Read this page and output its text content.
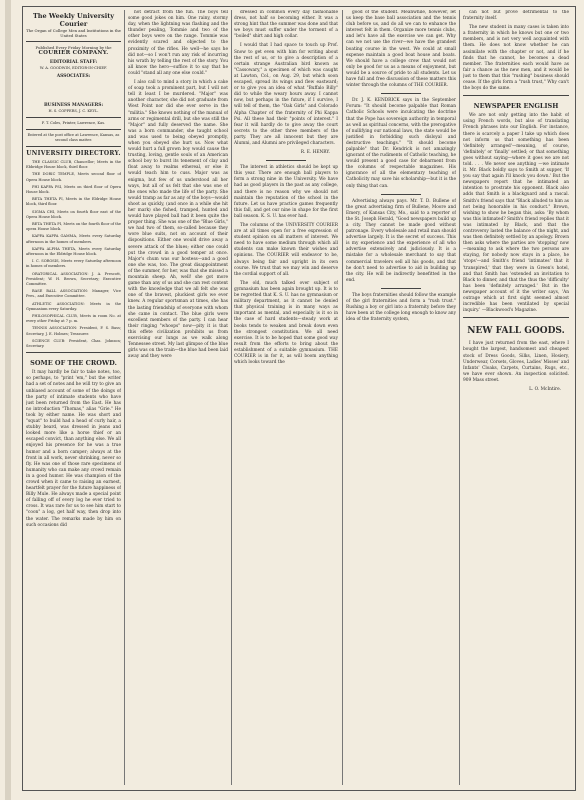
The Weekly University Courier
The Organ of College Men and Institutions in the United States
Published Every Friday Morning by the
COURIER COMPANY.
EDITORIAL STAFF:
W. A. GOODWIN, EDITOR-IN-CHIEF.
ASSOCIATES:
BUSINESS MANAGERS:
H. S. COPPERS, J. C. KEYL.
F. T. Coles, Printer, Lawrence, Kas.
Entered at the post office at Lawrence, Kansas, as second class matter.
UNIVERSITY DIRECTORY.
THE CLASSIC CLUB, Chancellor; Meets in the Ebbridge House block, third floor.
THE DORIC TEMPLE, Meets second floor of Opera House block.
PHI KAPPA PSI, Meets on third floor of Opera House block.
BETA THETA PI, Meets in the Eldridge House block, third floor.
SIGMA CHI, Meets on fourth floor east of the Opera House block.
BETA THETA PI, Meets on the fourth floor of the opera House block.
KAPPA KAPPA GAMMA, Meets every Saturday afternoon in the homes of members.
KAPPA ALPHA THETA, Meets every Saturday afternoon in the Eldridge House block.
I. C. SOROSIS, Meets every Saturday afternoon in homes of members.
ORATORICAL ASSOCIATION: J. A. Prescott, President; W. H. Brown, Secretary; Executive Committee.
BASE BALL ASSOCIATION: Manager, Vice Pres., and Executive Committee.
ATHLETIC ASSOCIATION: Meets in the Gymnasium every Saturday.
PHILOSOPHICAL CLUB, Meets in room No. at every other Friday at 7 p. m.
TENNIS ASSOCIATION: President, F. S. Bass; Secretary, J. E. Holmes; Treasurer.
SCIENCE CLUB: President, Chas. Johnson; Secretary.
SOME OF THE CROWD.

It may hardly be fair to take notes, too, so perhaps, to "print 'em," but the writer had a set of notes and he will try to give an unbiased account of some of the doings of the party of intimate students who have just been returned from the East. He has no introduction "Thomas," alias "Grie." He took by either name. He was short and "squat" to build had a head of curly hair, a stubby beard, was dressed in jeans and looked more like a horse thief or an escaped convict, than anything else. We all enjoyed his presence for he was a true humor and a born camper; always at the front in all work, never shrinking, never so fly. He was one of those rare specimens of humanity who can make any crowd remain in a good humor. He was champion of the crowd when it came to raising an earnest, heartfelt prayer for the future happiness of Billy Mule. He always made a special point of falling off of every log he ever tried to cross. It was rare for us to see him start to "coon" a log, get half way, then drop into the water. The remarks made by him on such occasions did

not detract from the fun. The boys tell some good jokes on him. One rainy, stormy day, when the lightning was flashing and the thunder pealing, Tommie and two of the other boys were on the range. Tommie was evidently scared and objected to the proximity of the rifles. He well—he says he did not—so I won't run any risk of incurring his wrath by telling the rest of the story. You all know the hero—suffice it to say that he could "stand all any one else could."

I also call to mind a story in which a cake of soap took a prominent part, but I will not tell it least I be murdered. "Major" was another character, she did not graduate from West Point nor did she ever serve in the "militia." She knows nothing of the manual of arms or regimental drill, but she was still the "Major" and fully deserved the name. She was a born commander, she taught school and was used to being obeyed promptly, when you obeyed she hurt us. Now what would hurt a full grown boy would cause the trusting, loving, gentle souls of an American school boy to burst its tenement of clay and float away to realms ethereal, or else it would teach him to cuss. Major was as enigma, but few of us understood all her ways, but all of us felt that she was one of the ones who made the life of the party. She would tramp as far as any of the boys—would shoot as quickly, (and once in a while she hit her mark) she fished, tramped, hunted and would have played ball had it been quite the proper thing. She was one of the "Blue Girls," we had two of them, so-called because they wore blue suits, not on account of their dispositions. Either one would drive away a severe attack of the blues; either one could put the crowd in a good temper at once. Major's chum was our hostess—and a good one she was, too. The great disappointment of the summer, for her, was that she missed a mountain sheep. Ah, well! she got more game than any of us and she can rest content with the knowledge that we all felt she was one of the bravest, pluckiest girls we ever knew. A regular sportsman at times, she has the lasting friendship of everyone with whom she came in contact. The blue girls were excellent members of the party. I can hear their ringing "whoops" now—pity it is that this effete civilization prohibits us from exercising our lungs as we walk along Tennessee street. My last glimpse of the blue girls was on the train—the blue had been laid away and they were

dressed in common every day fashionable dress, not half so becoming either. It was a strong hint that the summer was done and that we boys must suffer under the torment of a "boiled" shirt and high collar.

I would that I had space to touch up Prof. Snow to get even with him for writing about the rest of us, or to give a description of a certain strange Australian bird known as "Cassowary," a specimen of which was caught at Lawton, Col., on Aug. 29, but which soon escaped, spread its wings and flew eastward; or to give you an idea of what "Buffalo Billy" did to while the weary hours away. I cannot now, but perhaps in the future, if I survive, I will tell of them, the "Oak Girls" and Colorado Alpha Chapter of the fraternity of Phi Kappa Psi. All these had their "points of interest." I fear it will hardly do to give away the court secrets to the other three members of the party. They are all innocent but they are Alumni, and Alumni are privileged characters.

R. E. HENRY.

The interest in athletics should be kept up this year. There are enough ball players to form a strong nine in the University. We have had as good players in the past as any college, and there is no reason why we should not maintain the reputation of the school in the future. Let us have practice games frequently this fall, and get our nine in shape for the first ball season. K. S. U. has ever had.

The columns of the UNIVERSITY COURIER are at all times open for a free expression of student opinion on all matters of interest. We need to have some medium through which all students can make known their wishes and opinions. The COURIER will endeavor to be, always being fair and upright in its own course. We trust that we may win and deserve the cordial support of all.

The old, much talked over subject of gymnasium has been again brought up. It is to be regretted that K. S. U. has no gymnasium or military department, as it cannot be denied that physical training is in many ways as important as mental, and especially is it so in the case of hard students—steady work at books tends to weaken and break down even the strongest constitution. We all need exercise. It is to be hoped that some good way result from the efforts to bring about the establishment of a suitable gymnasium. THE COURIER is in for it, as will boom anything which looks toward the

good of the student. Meanwhile, however, let us keep the base ball association and the tennis club before us, and do all we can to enhance the interest felt in them. Organize more tennis clubs, and let's have all the exercise we can get. Why can we not use the river—we have the grandest boating course in the west. We could at small expense maintain a good boat house and boats. We should have a college crew that would not only be good for us as a means of enjoyment, but would be a source of pride to all students. Let us have full and free discussion of these matters this winter through the columns of THE COURIER.

Dr. J. K. KENDRICK says in the September Forum: "It should become palpable that Roman Catholic Schools were inculcating the doctrine that the Pope has sovereign authority in temporal as well as spiritual concerns, with the prerogative of nullifying our national laws, the state would be justified in forbidding such disloyal and destructive teachings." "It should become palpable" that Dr. Kendrick is not amazingly ignorant of the rudiments of Catholic teaching, he would present a good case for debarment from the columns of respectable magazines. His ignorance of all the elementary teaching of Catholicity may save his scholarship—but it is the only thing that can.

Advertising always pays. Mr. T. D. Bullene of the great advertising firm of Bullene, Moore and Emery, of Kansas City, Mo., said to a reporter of the St. Joseph Herald, "Good newspapers build up a city. They cannot be made good without patronage. Every wholesale and retail man should advertise largely. It is the secret of success. This is my experience and the experience of all who advertise extensively and judiciously. It is a mistake for a wholesale merchant to say that commercial travelers sell all his goods, and that he don't need to advertise to aid in building up the city. He will be indirectly benefitted in the end.

The boys fraternities should follow the example of the girl fraternities and form a "rush trust." Rushing a boy or girl into a fraternity before they have been at the college long enough to know any idea of the fraternity system,

can not but prove detrimental to the fraternity itself.

The new student in many cases is taken into a fraternity in which he knows but one or two members, and is not very well acquainted with them. He does not know whether he can assimilate with the chapter or not, and if he finds that he cannot, he becomes a dead member. The fraternities each would have as fair a chance as the new men, and it would be just to them that this "rushing" business should cease. If the girls form a "rush trust," Why can't the boys do the same.

NEWSPAPER ENGLISH

We are not only getting into the habit of using French words, but also of translating French phrases into our English. For instance, there is scarcely a paper I take up which does not inform us that something has been 'definitely arranged'—meaning, of course, 'definitely' or 'finally' settled; or that something goes without saying—where it goes we are not told. . . . We never see anything —we intimate it. Mr. Black boldly says to Smith at supper, 'If you say that again I'll knock you down.' But the newspapers report that he intimated an intention to prostrate his opponent. Black also adds that Smith is a blackguard and a rascal. Smith's friend says that "Black alluded to him as not being honorable in his conduct." Brown, wishing to show he began this, asks: 'By whom was this intimated? Smith's friend replies that it was intimated by Black, and that the controversy lasted the balance of the night, and was then definitely settled by an apology. Brown then asks where the parties are 'stopping' now—meaning to ask where the two persons are staying, for nobody now stays in a place, he 'stops'—and Smith's friend 'intimates' that it 'transpired,' that they were in Green's hotel, and that Smith has 'extended an invitation to Black to dinner, and that the thus the 'difficulty' has been 'definitely arranged.' But in the newspaper account of it the writer says, 'An outrage which at first sight seemed almost incredible has been ventilated by special inquiry.' —Blackwood's Magazine.

NEW FALL GOODS.

I have just returned from the east, where I bought the largest, handsomest and cheapest stock of Dress Goods, Silks, Linen, Hosiery, Underwear, Corsets, Gloves, Ladies' Misses' and Infants' Cloaks, Carpets, Curtains, Rugs, etc., we have ever shown. An inspection solicited. 909 Mass street.

L. O. McIntire.
